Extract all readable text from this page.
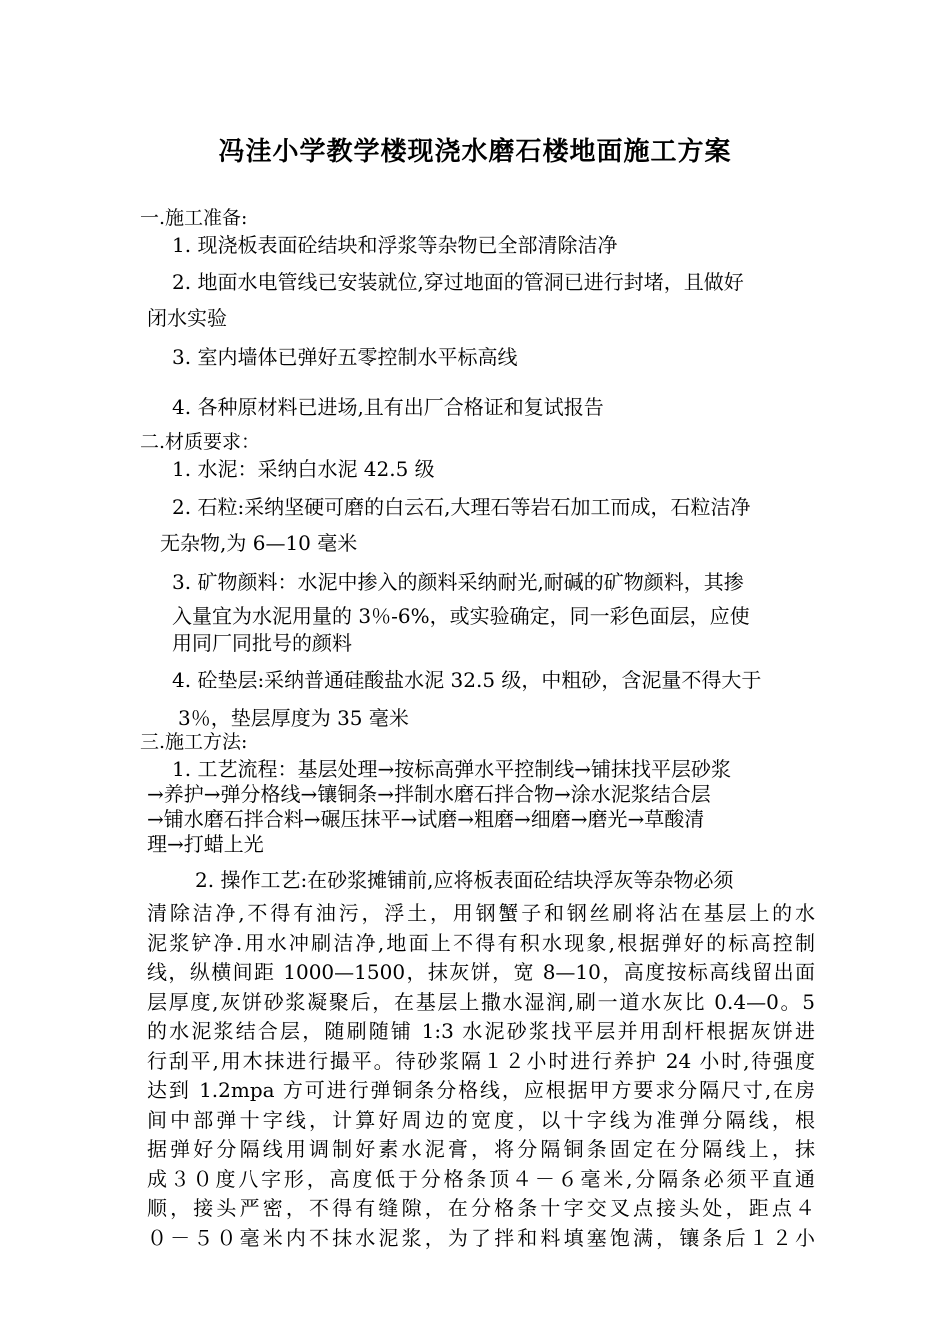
冯洼小学教学楼现浇水磨石楼地面施工方案
一.施工准备:
1. 现浇板表面砼结块和浮浆等杂物已全部清除洁净
2. 地面水电管线已安装就位,穿过地面的管洞已进行封堵，且做好
闭水实验
3. 室内墙体已弹好五零控制水平标高线
4. 各种原材料已进场,且有出厂合格证和复试报告
二.材质要求：
1. 水泥：采纳白水泥 42.5 级
2. 石粒:采纳坚硬可磨的白云石,大理石等岩石加工而成，石粒洁净
无杂物,为 6—10 毫米
3. 矿物颜料：水泥中掺入的颜料采纳耐光,耐碱的矿物颜料，其掺
入量宜为水泥用量的 3％-6%，或实验确定，同一彩色面层，应使
用同厂同批号的颜料
4. 砼垫层:采纳普通硅酸盐水泥 32.5 级，中粗砂，含泥量不得大于
3％，垫层厚度为 35 毫米
三.施工方法:
1. 工艺流程：基层处理→按标高弹水平控制线→铺抹找平层砂浆
→养护→弹分格线→镶铜条→拌制水磨石拌合物→涂水泥浆结合层
→铺水磨石拌合料→碾压抹平→试磨→粗磨→细磨→磨光→草酸清
理→打蜡上光
2. 操作工艺:在砂浆摊铺前,应将板表面砼结块浮灰等杂物必须
清除洁净,不得有油污，浮土，用钢蟹子和钢丝刷将沾在基层上的水
泥浆铲净.用水冲刷洁净,地面上不得有积水现象,根据弹好的标高控制
线，纵横间距 1000—1500，抹灰饼，宽 8—10，高度按标高线留出面
层厚度,灰饼砂浆凝聚后，在基层上撒水湿润,刷一道水灰比 0.4—0。5
的水泥浆结合层，随刷随铺 1:3 水泥砂浆找平层并用刮杆根据灰饼进
行刮平,用木抹进行撮平。待砂浆隔１２小时进行养护 24 小时,待强度
达到 1.2mpa 方可进行弹铜条分格线，应根据甲方要求分隔尺寸,在房
间中部弹十字线，计算好周边的宽度，以十字线为准弹分隔线，根
据弹好分隔线用调制好素水泥膏，将分隔铜条固定在分隔线上，抹
成３０度八字形，高度低于分格条顶４－６毫米,分隔条必须平直通
顺，接头严密，不得有缝隙，在分格条十字交叉点接头处，距点４
０－５０毫米内不抹水泥浆，为了拌和料填塞饱满，镶条后１２小
